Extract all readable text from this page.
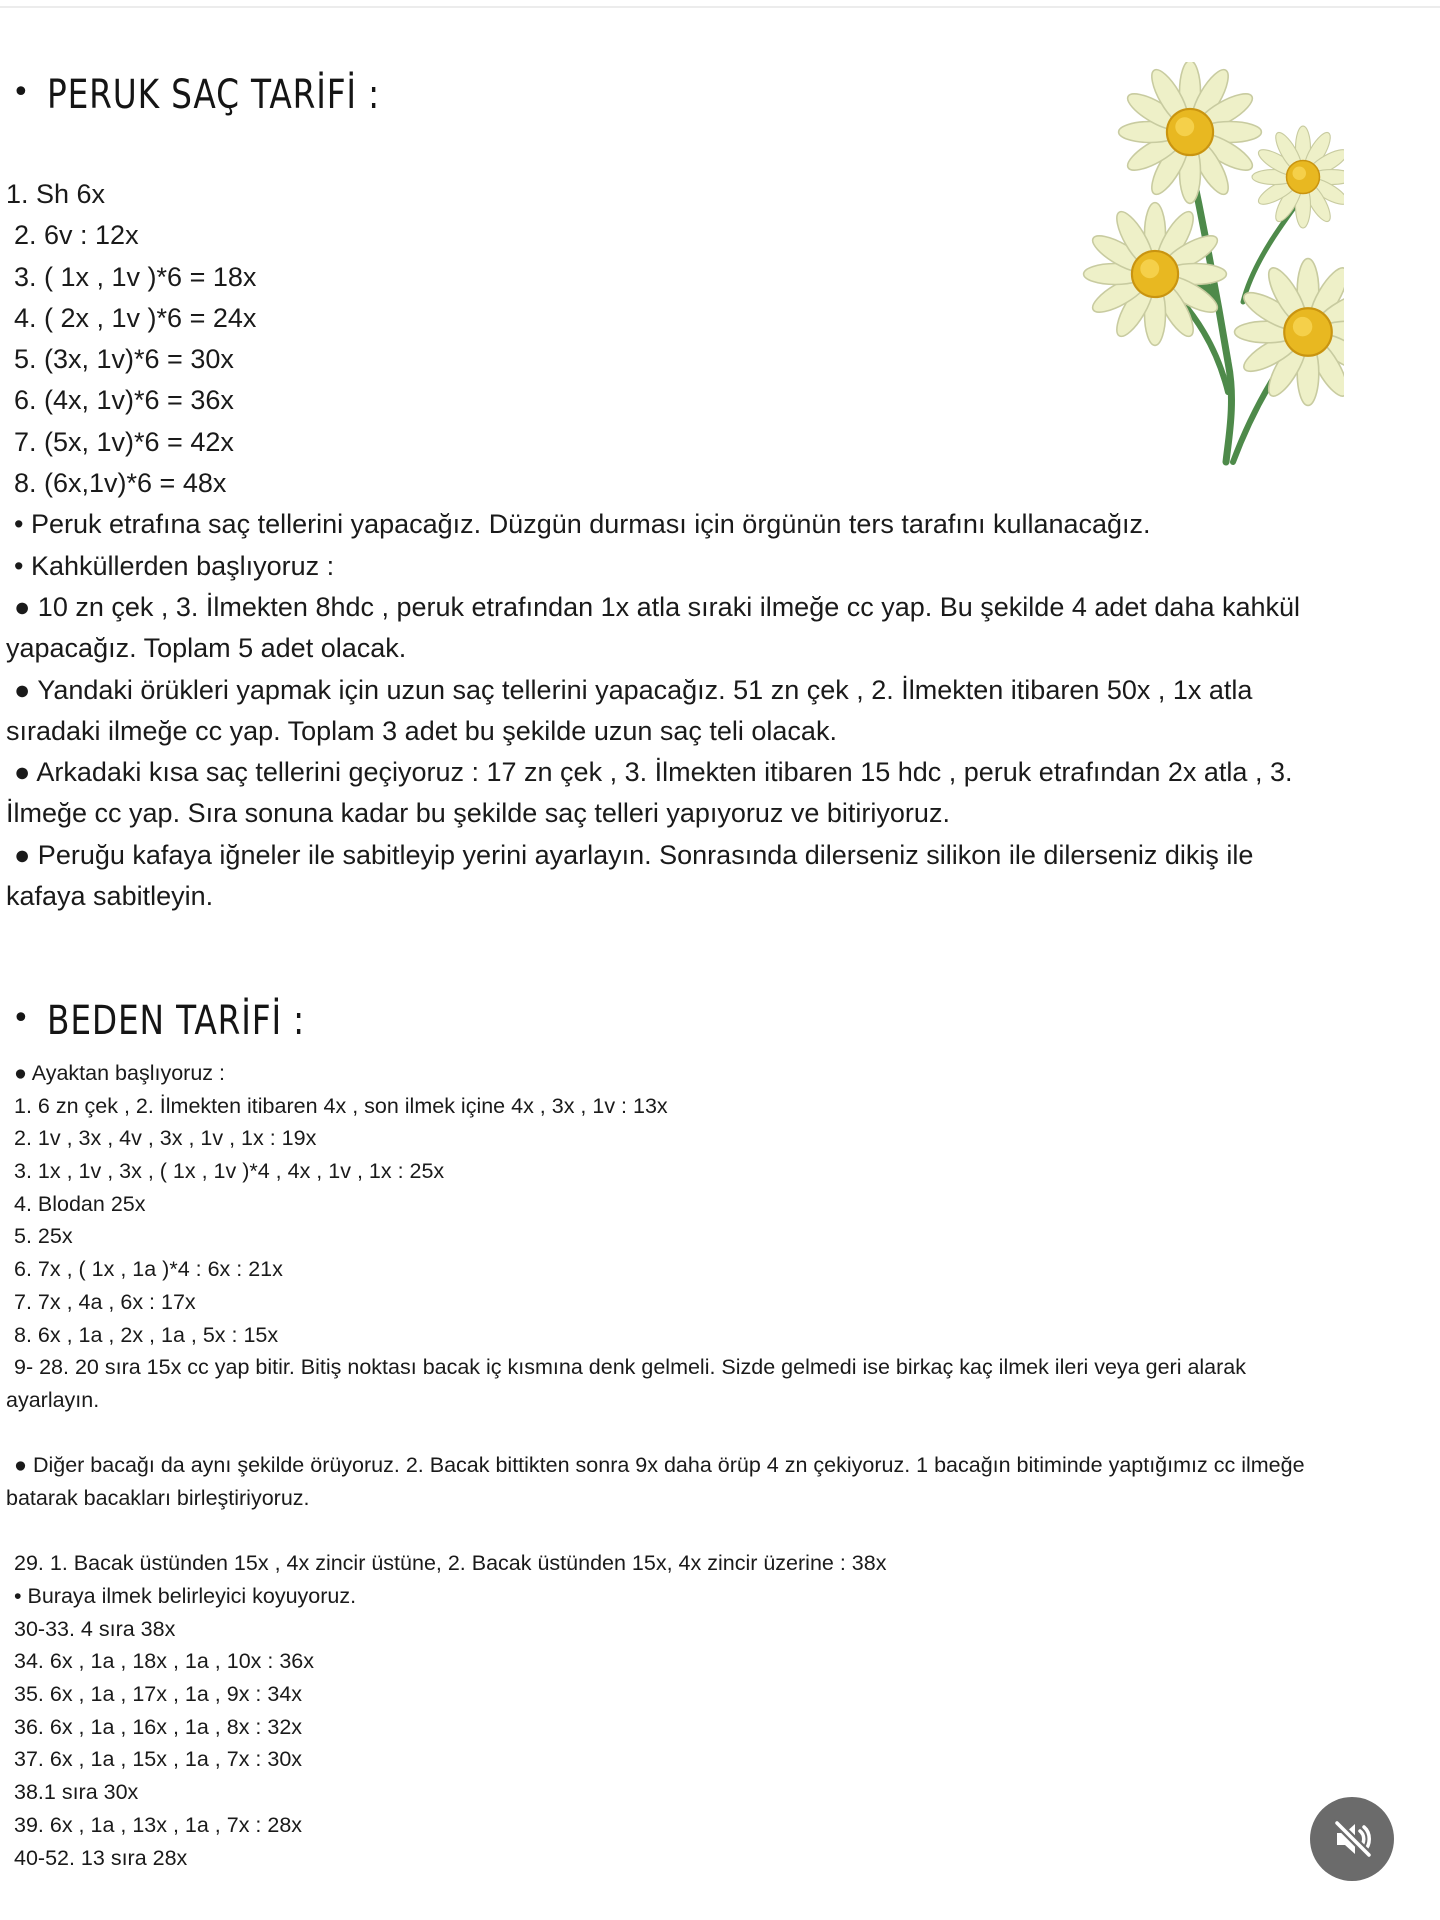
• PERUK SAÇ TARİFİ :
1. Sh 6x
2. 6v : 12x
3. ( 1x , 1v )*6 = 18x
4. ( 2x , 1v )*6 = 24x
5. (3x, 1v)*6 = 30x
6. (4x, 1v)*6 = 36x
7. (5x, 1v)*6 = 42x
8. (6x,1v)*6 = 48x
• Peruk etrafına saç tellerini yapacağız. Düzgün durması için örgünün ters tarafını kullanacağız.
• Kahküllerden başlıyoruz :
● 10 zn çek , 3. İlmekten 8hdc , peruk etrafından 1x atla sıraki ilmeğe cc yap. Bu şekilde 4 adet daha kahkül
yapacağız. Toplam 5 adet olacak.
● Yandaki örükleri yapmak için uzun saç tellerini yapacağız. 51 zn çek , 2. İlmekten itibaren 50x , 1x atla
sıradaki ilmeğe cc yap. Toplam 3 adet bu şekilde uzun saç teli olacak.
● Arkadaki kısa saç tellerini geçiyoruz : 17 zn çek , 3. İlmekten itibaren 15 hdc , peruk etrafından 2x atla , 3.
İlmeğe cc yap. Sıra sonuna kadar bu şekilde saç telleri yapıyoruz ve bitiriyoruz.
● Peruğu kafaya iğneler ile sabitleyip yerini ayarlayın. Sonrasında dilerseniz silikon ile dilerseniz dikiş ile
kafaya sabitleyin.
• BEDEN TARİFİ :
● Ayaktan başlıyoruz :
1. 6 zn çek , 2. İlmekten itibaren 4x , son ilmek içine 4x , 3x , 1v : 13x
2. 1v , 3x , 4v , 3x , 1v , 1x : 19x
3. 1x , 1v , 3x , ( 1x , 1v )*4 , 4x , 1v , 1x : 25x
4. Blodan 25x
5. 25x
6. 7x , ( 1x , 1a )*4 : 6x : 21x
7. 7x , 4a , 6x : 17x
8. 6x , 1a , 2x , 1a , 5x : 15x
9- 28. 20 sıra 15x cc yap bitir. Bitiş noktası bacak iç kısmına denk gelmeli. Sizde gelmedi ise birkaç kaç ilmek ileri veya geri alarak
ayarlayın.
● Diğer bacağı da aynı şekilde örüyoruz. 2. Bacak bittikten sonra 9x daha örüp 4 zn çekiyoruz. 1 bacağın bitiminde yaptığımız cc ilmeğe
batarak bacakları birleştiriyoruz.
29. 1. Bacak üstünden 15x , 4x zincir üstüne, 2. Bacak üstünden 15x, 4x zincir üzerine : 38x
• Buraya ilmek belirleyici koyuyoruz.
30-33. 4 sıra 38x
34. 6x , 1a , 18x , 1a , 10x : 36x
35. 6x , 1a , 17x , 1a , 9x : 34x
36. 6x , 1a , 16x , 1a , 8x : 32x
37. 6x , 1a , 15x , 1a , 7x : 30x
38.1 sıra 30x
39. 6x , 1a , 13x , 1a , 7x : 28x
40-52. 13 sıra 28x
